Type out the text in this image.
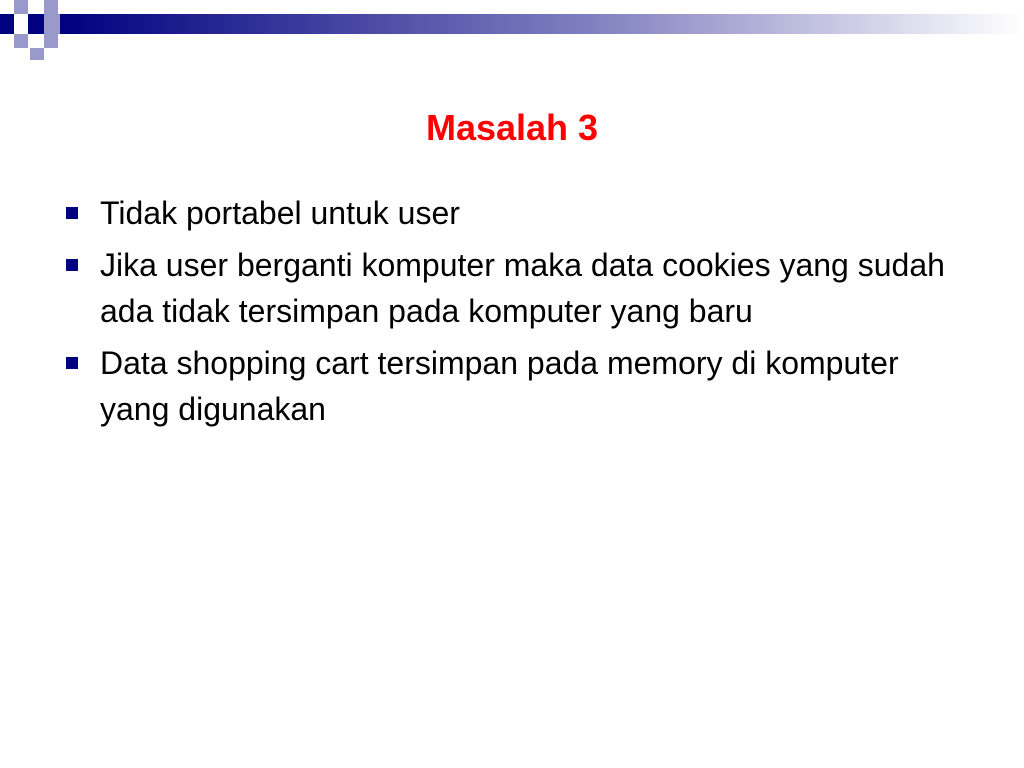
Masalah 3
Tidak portabel untuk user
Jika user berganti komputer maka data cookies yang sudah ada tidak tersimpan pada komputer yang baru
Data shopping cart tersimpan pada memory di komputer yang digunakan
